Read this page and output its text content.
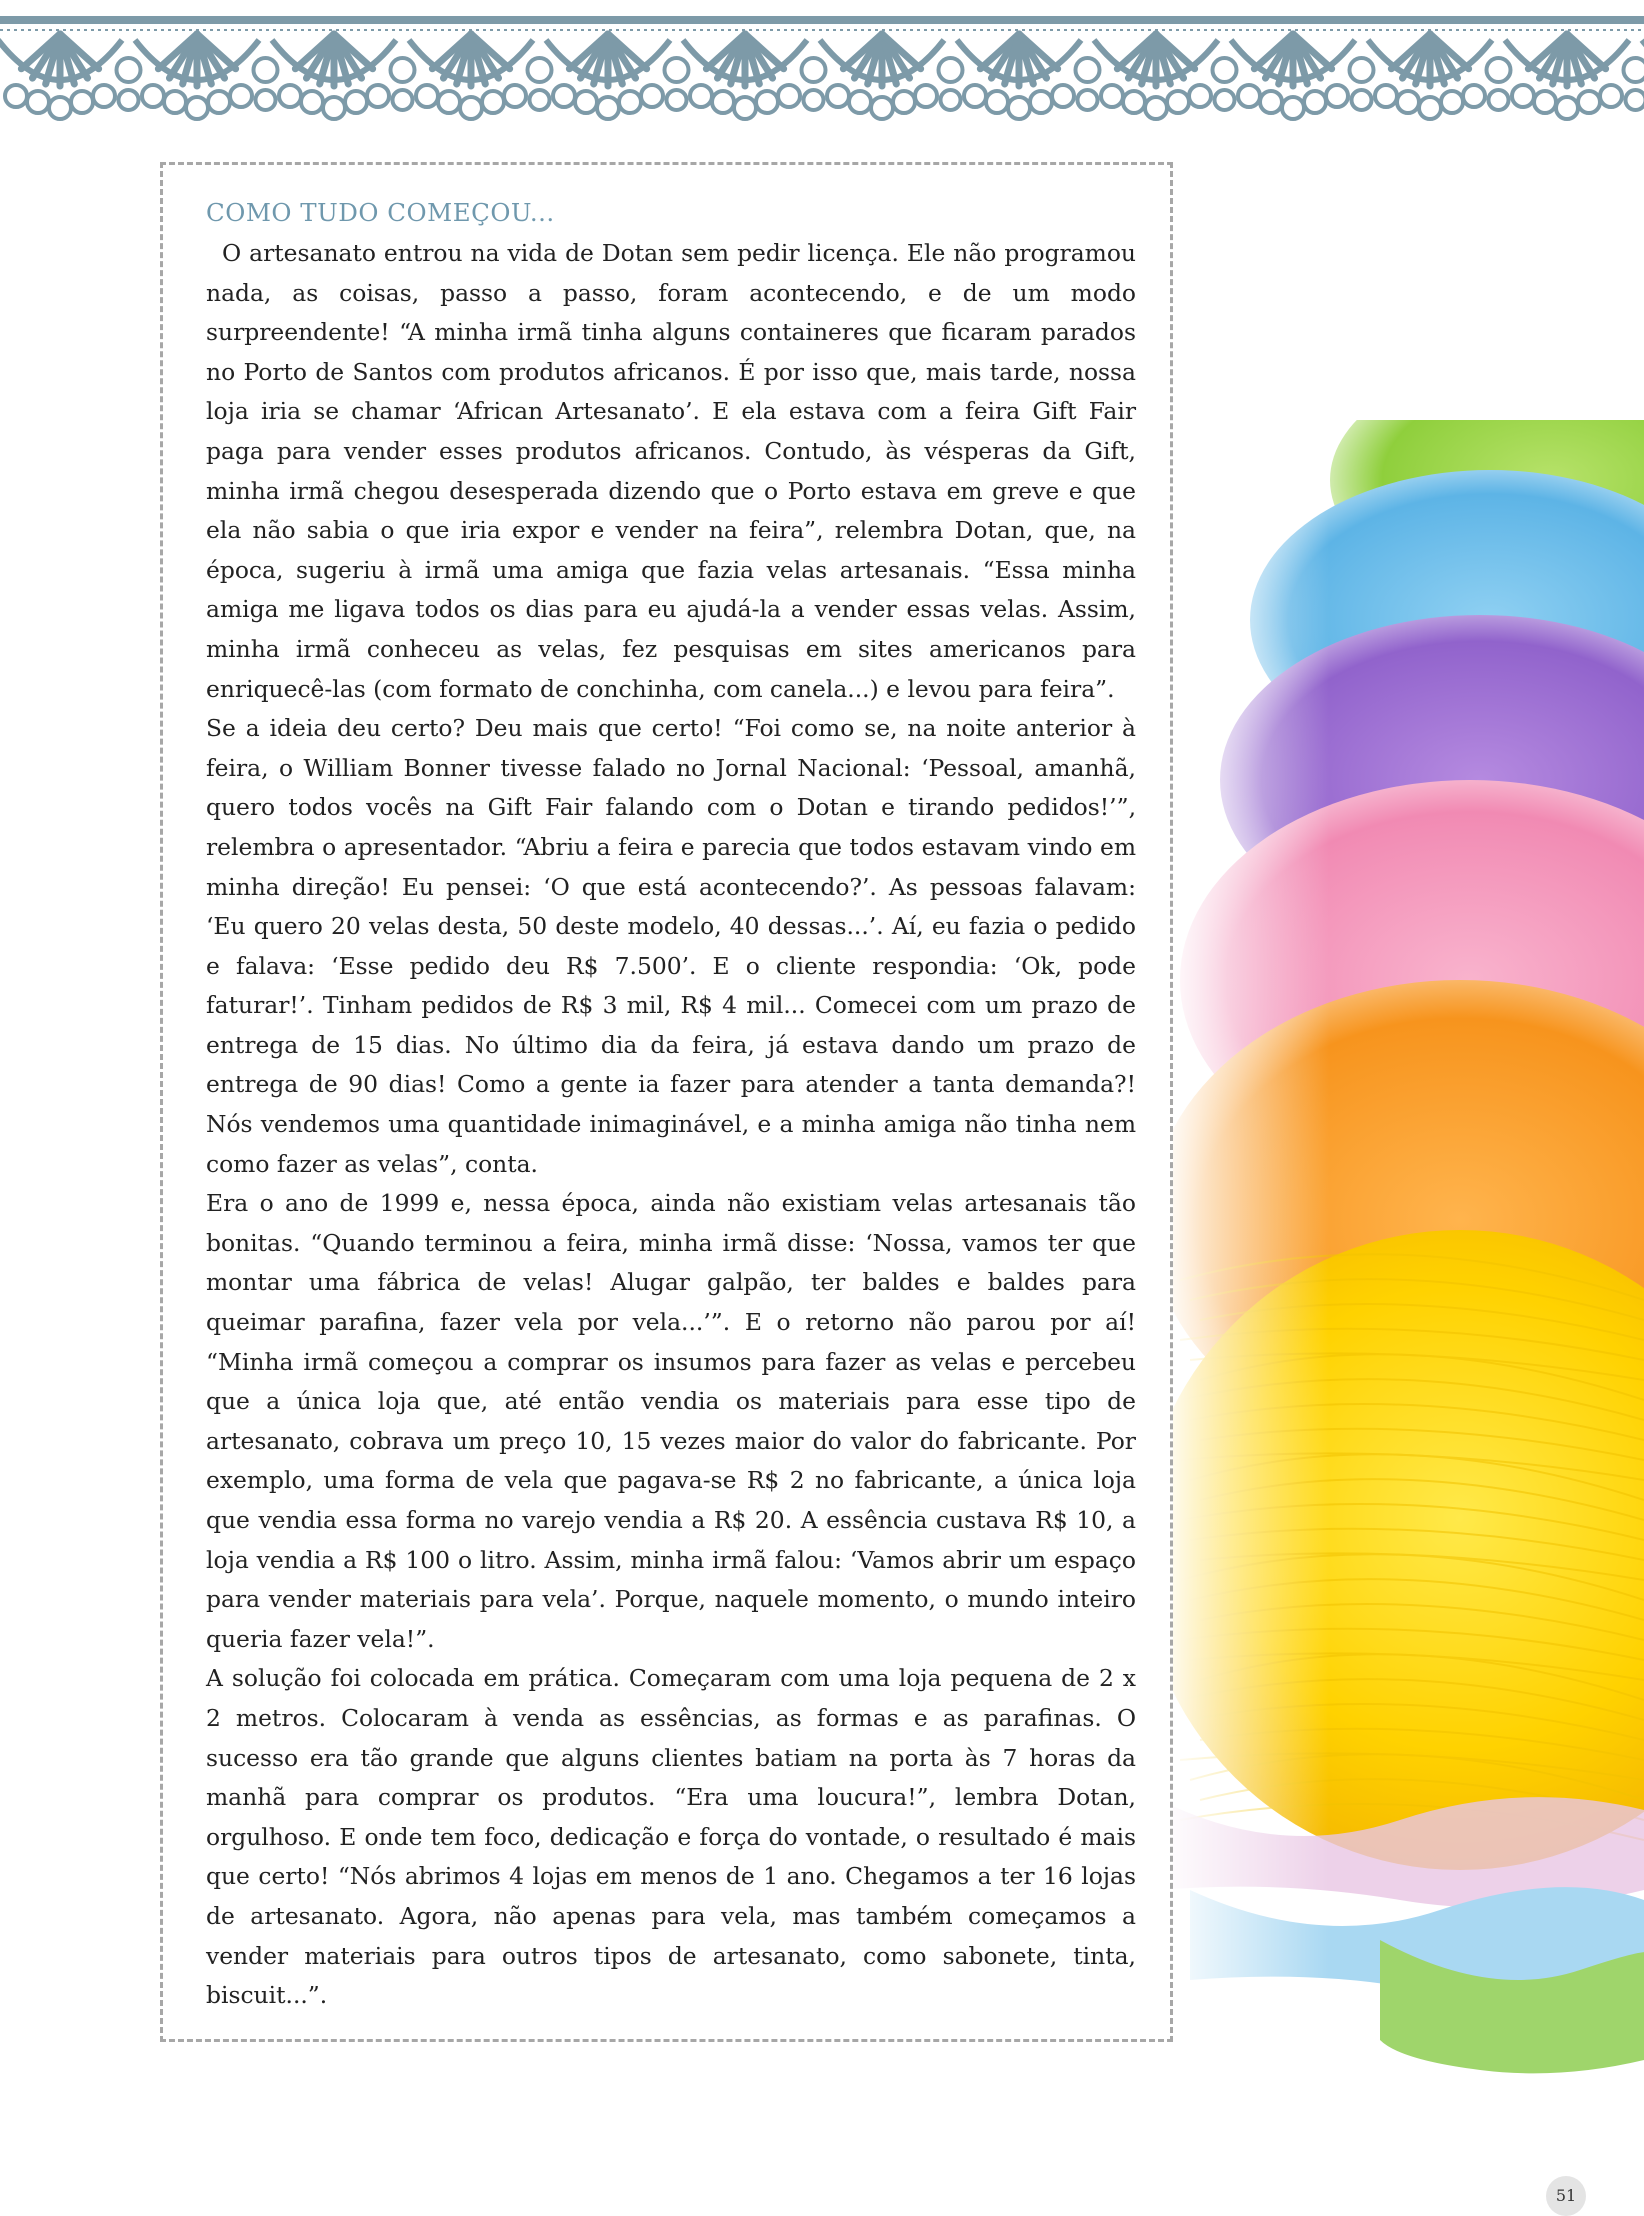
COMO TUDO COMEÇOU...

O artesanato entrou na vida de Dotan sem pedir licença. Ele não programou nada, as coisas, passo a passo, foram acontecendo, e de um modo surpreendente! “A minha irmã tinha alguns containeres que ficaram parados no Porto de Santos com produtos africanos. É por isso que, mais tarde, nossa loja iria se chamar ‘African Artesanato’. E ela estava com a feira Gift Fair paga para vender esses produtos africanos. Contudo, às vésperas da Gift, minha irmã chegou desesperada dizendo que o Porto estava em greve e que ela não sabia o que iria expor e vender na feira”, relembra Dotan, que, na época, sugeriu à irmã uma amiga que fazia velas artesanais. “Essa minha amiga me ligava todos os dias para eu ajudá-la a vender essas velas. Assim, minha irmã conheceu as velas, fez pesquisas em sites americanos para enriquecê-las (com formato de conchinha, com canela...) e levou para feira”.

Se a ideia deu certo? Deu mais que certo! “Foi como se, na noite anterior à feira, o William Bonner tivesse falado no Jornal Nacional: ‘Pessoal, amanhã, quero todos vocês na Gift Fair falando com o Dotan e tirando pedidos!’”, relembra o apresentador. “Abriu a feira e parecia que todos estavam vindo em minha direção! Eu pensei: ‘O que está acontecendo?’. As pessoas falavam: ‘Eu quero 20 velas desta, 50 deste modelo, 40 dessas...’. Aí, eu fazia o pedido e falava: ‘Esse pedido deu R$ 7.500’. E o cliente respondia: ‘Ok, pode faturar!’. Tinham pedidos de R$ 3 mil, R$ 4 mil... Comecei com um prazo de entrega de 15 dias. No último dia da feira, já estava dando um prazo de entrega de 90 dias! Como a gente ia fazer para atender a tanta demanda?! Nós vendemos uma quantidade inimaginável, e a minha amiga não tinha nem como fazer as velas”, conta.

Era o ano de 1999 e, nessa época, ainda não existiam velas artesanais tão bonitas. “Quando terminou a feira, minha irmã disse: ‘Nossa, vamos ter que montar uma fábrica de velas! Alugar galpão, ter baldes e baldes para queimar parafina, fazer vela por vela...’”. E o retorno não parou por aí! “Minha irmã começou a comprar os insumos para fazer as velas e percebeu que a única loja que, até então vendia os materiais para esse tipo de artesanato, cobrava um preço 10, 15 vezes maior do valor do fabricante. Por exemplo, uma forma de vela que pagava-se R$ 2 no fabricante, a única loja que vendia essa forma no varejo vendia a R$ 20. A essência custava R$ 10, a loja vendia a R$ 100 o litro. Assim, minha irmã falou: ‘Vamos abrir um espaço para vender materiais para vela’. Porque, naquele momento, o mundo inteiro queria fazer vela!”.

A solução foi colocada em prática. Começaram com uma loja pequena de 2 x 2 metros. Colocaram à venda as essências, as formas e as parafinas. O sucesso era tão grande que alguns clientes batiam na porta às 7 horas da manhã para comprar os produtos. “Era uma loucura!”, lembra Dotan, orgulhoso. E onde tem foco, dedicação e força do vontade, o resultado é mais que certo! “Nós abrimos 4 lojas em menos de 1 ano. Chegamos a ter 16 lojas de artesanato. Agora, não apenas para vela, mas também começamos a vender materiais para outros tipos de artesanato, como sabonete, tinta, biscuit...”.

51
